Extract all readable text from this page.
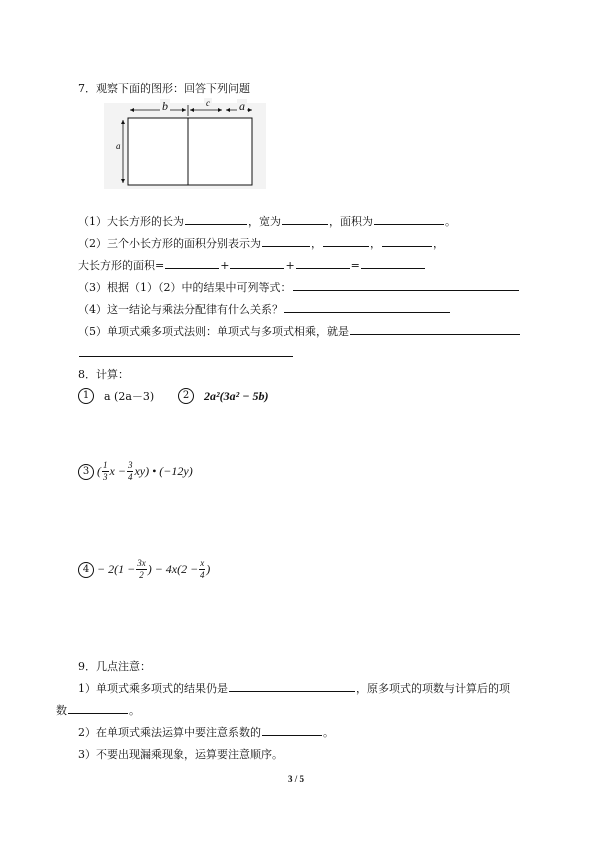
7．观察下面的图形：回答下列问题
b	c a
a
（1）大长方形的长为	，宽为	，面积为	。
（2）三个小长方形的面积分别表示为	，	，	，
大长方形的面积=	+	+	=
（3）根据（1）（2）中的结果中可列等式：
（4）这一结论与乘法分配律有什么关系？
（5）单项式乘多项式法则：单项式与多项式相乘，就是
8．计算：
1	a (2a－3)	2	2a²(3a² − 5b)
3 ( $\frac{1}{3}$ $x - \frac{3}{4} xy$) • (−12y)
$4 - 2(1 - \frac{3x}{2}$ ) − $4x(2 - \frac{x}{4}$ )
9．几点注意：
1）单项式乘多项式的结果仍是	，原多项式的项数与计算后的项
数	。
2）在单项式乘法运算中要注意系数的	。
3）不要出现漏乘现象，运算要注意顺序。
3 / 5
